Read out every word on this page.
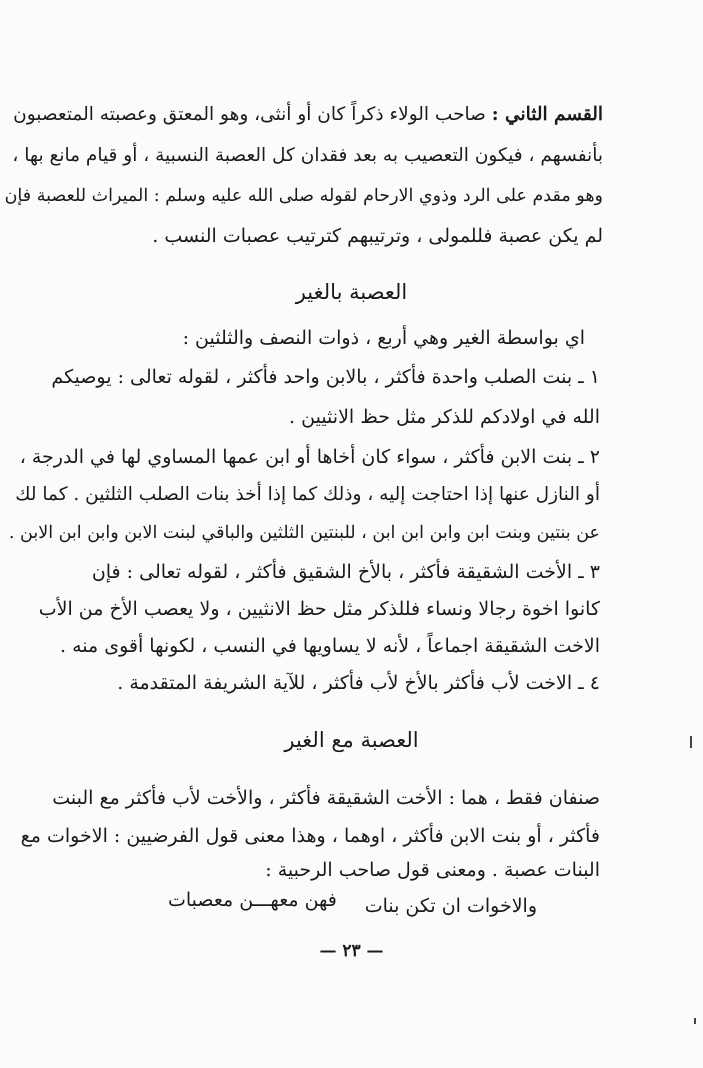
القسم الثاني : صاحب الولاء ذكراً كان أو أنثى، وهو المعتق وعصبته المتعصبون
بأنفسهم ، فيكون التعصيب به بعد فقدان كل العصبة النسبية ، أو قيام مانع بها ،
وهو مقدم على الرد وذوي الارحام لقوله صلى الله عليه وسلم : الميراث للعصبة فإن
لم يكن عصبة فللمولى ، وترتيبهم كترتيب عصبات النسب .
العصبة بالغير
اي بواسطة الغير وهي أربع ، ذوات النصف والثلثين :
١ ـ بنت الصلب واحدة فأكثر ، بالابن واحد فأكثر ، لقوله تعالى : يوصيكم
الله في اولادكم للذكر مثل حظ الانثيين .
٢ ـ بنت الابن فأكثر ، سواء كان أخاها أو ابن عمها المساوي لها في الدرجة ،
أو النازل عنها إذا احتاجت إليه ، وذلك كما إذا أخذ بنات الصلب الثلثين . كما لك
عن بنتين وبنت ابن وابن ابن ابن ، للبنتين الثلثين والباقي لبنت الابن وابن ابن الابن .
٣ ـ الأخت الشقيقة فأكثر ، بالأخ الشقيق فأكثر ، لقوله تعالى : فإن
كانوا اخوة رجالا ونساء فللذكر مثل حظ الانثيين ، ولا يعصب الأخ من الأب
الاخت الشقيقة اجماعاً ، لأنه لا يساويها في النسب ، لكونها أقوى منه .
٤ ـ الاخت لأب فأكثر بالأخ لأب فأكثر ، للآية الشريفة المتقدمة .
العصبة مع الغير
صنفان فقط ، هما : الأخت الشقيقة فأكثر ، والأخت لأب فأكثر مع البنت
فأكثر ، أو بنت الابن فأكثر ، اوهما ، وهذا معنى قول الفرضيين : الاخوات مع
البنات عصبة . ومعنى قول صاحب الرحبية :
والاخوات ان تكن بنات
فهن معهـــن معصبات
— ٢٣ —
